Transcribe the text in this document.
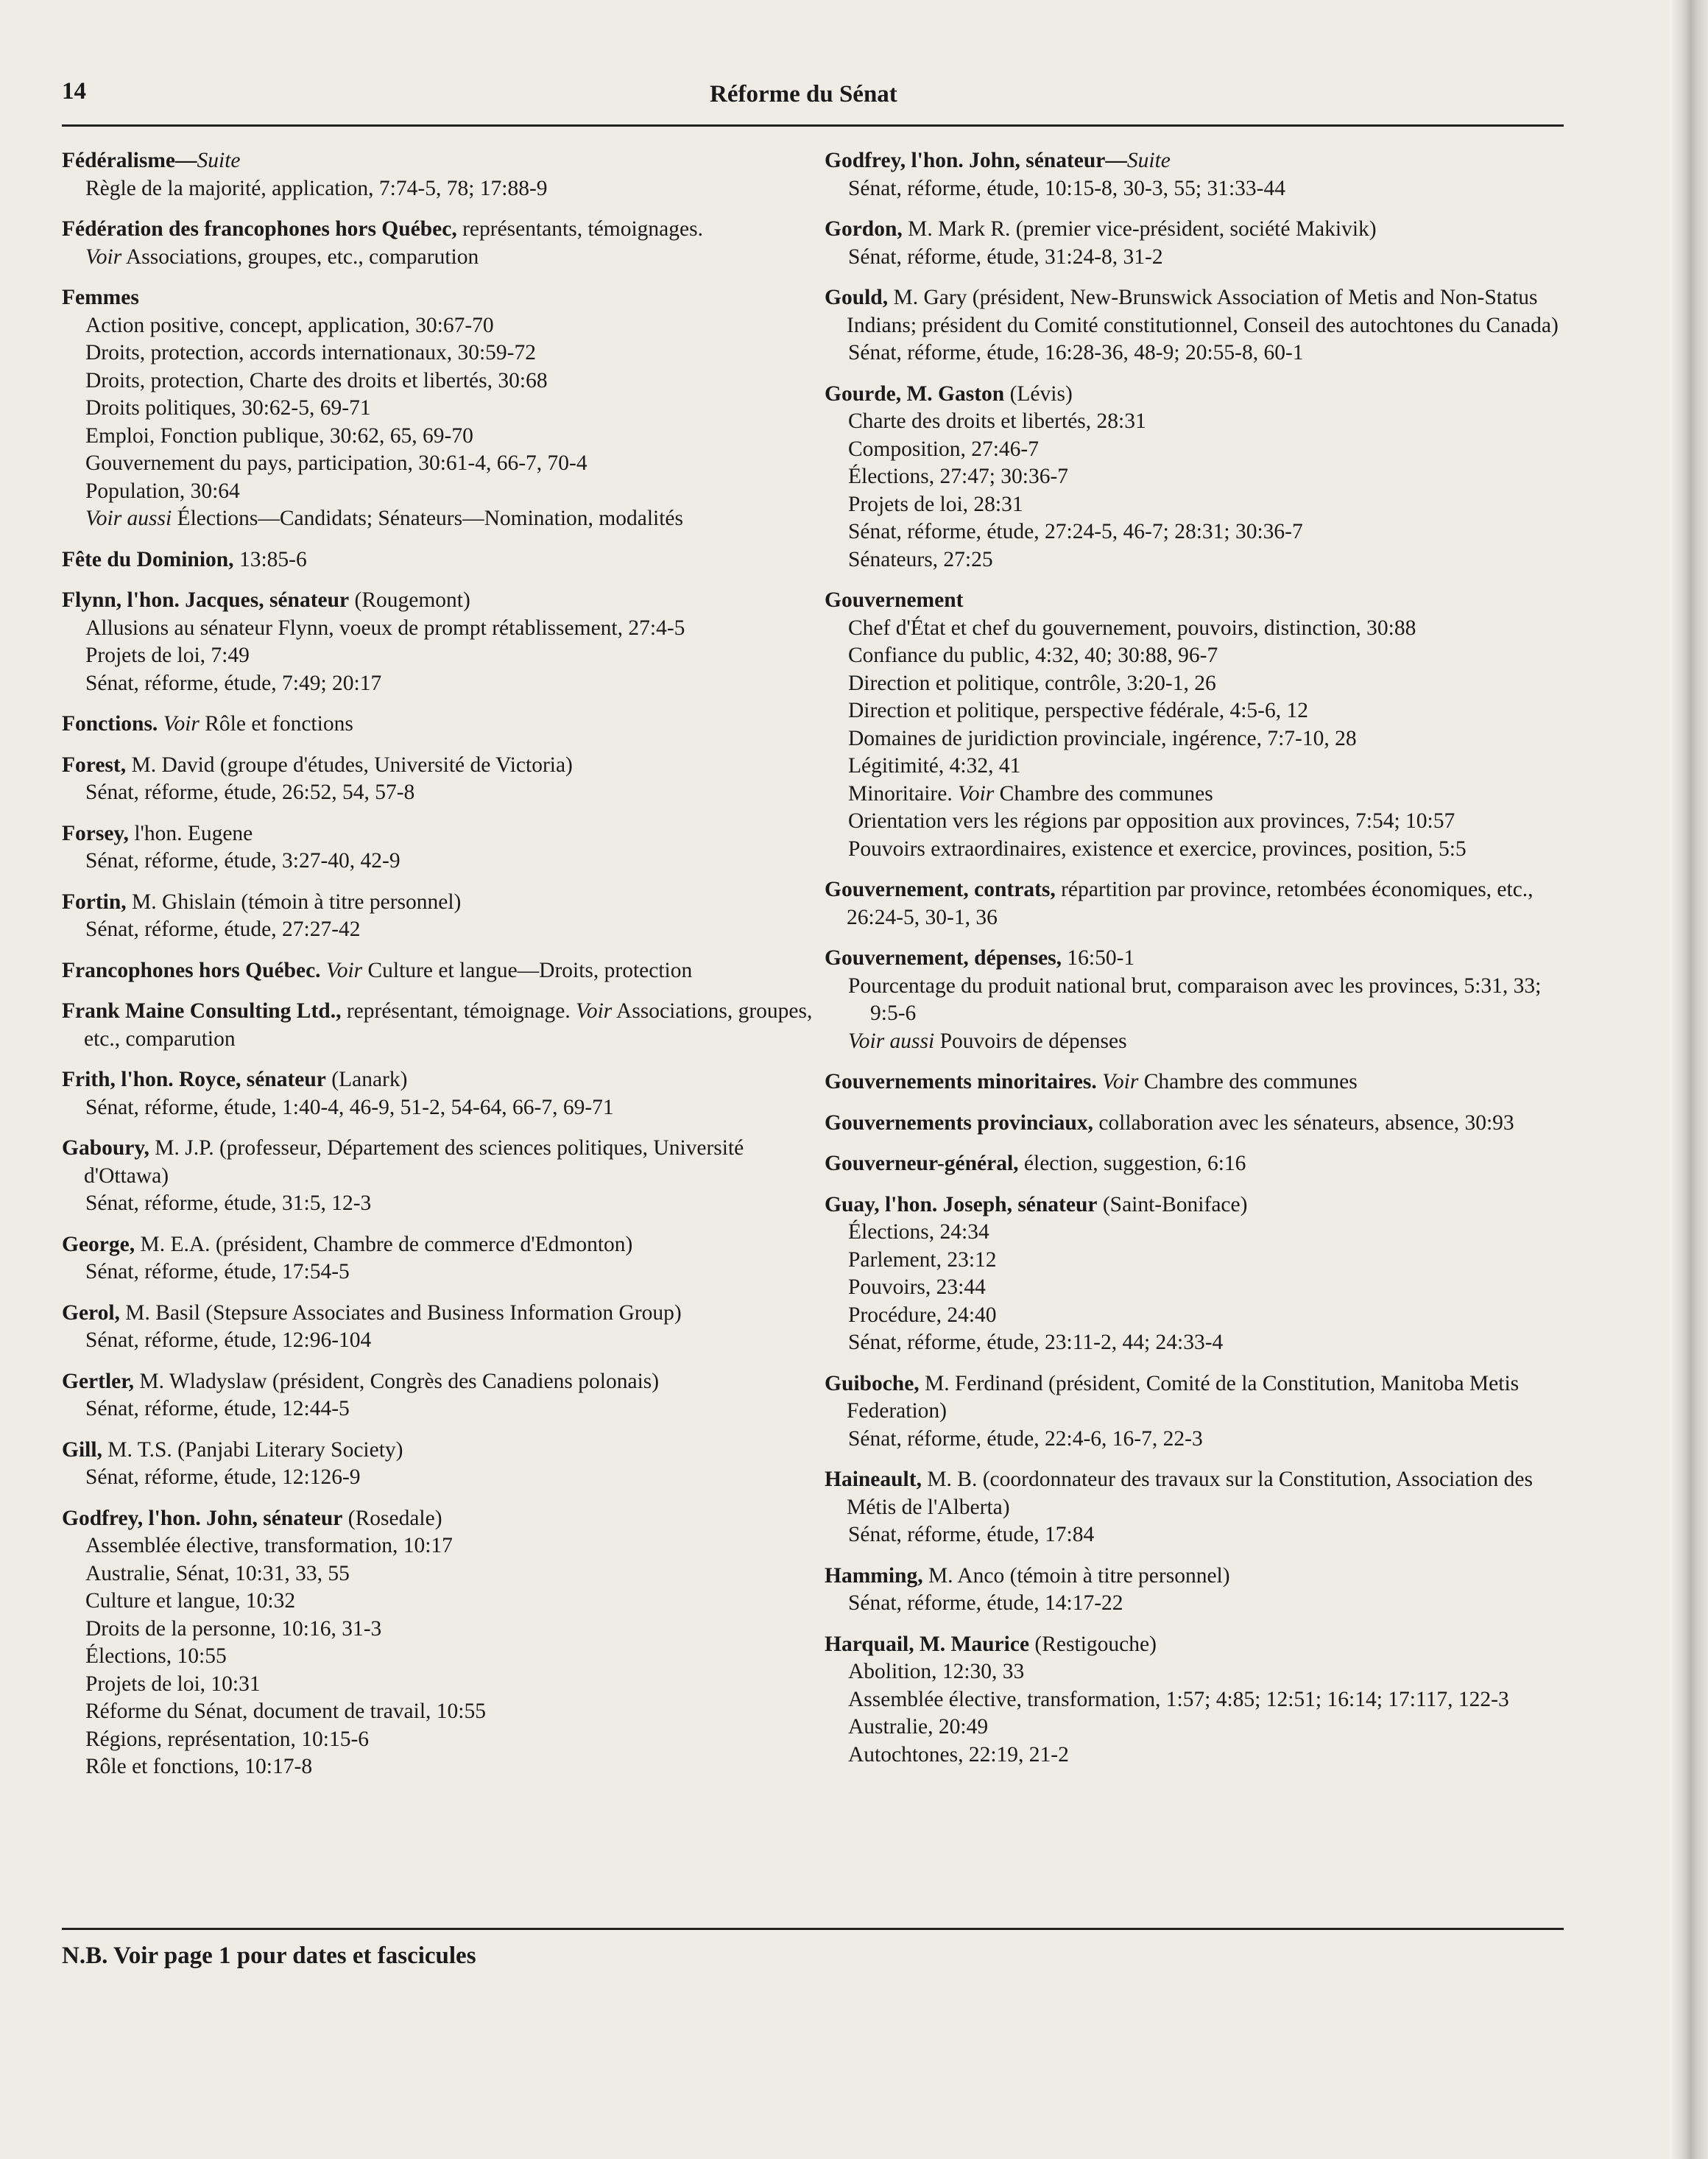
14	Réforme du Sénat
Fédéralisme—Suite
Règle de la majorité, application, 7:74-5, 78; 17:88-9
Fédération des francophones hors Québec, représentants, témoignages.
Voir Associations, groupes, etc., comparution
Femmes
Action positive, concept, application, 30:67-70
Droits, protection, accords internationaux, 30:59-72
Droits, protection, Charte des droits et libertés, 30:68
Droits politiques, 30:62-5, 69-71
Emploi, Fonction publique, 30:62, 65, 69-70
Gouvernement du pays, participation, 30:61-4, 66-7, 70-4
Population, 30:64
Voir aussi Élections—Candidats; Sénateurs—Nomination, modalités
Fête du Dominion, 13:85-6
Flynn, l'hon. Jacques, sénateur (Rougemont)
Allusions au sénateur Flynn, voeux de prompt rétablissement, 27:4-5
Projets de loi, 7:49
Sénat, réforme, étude, 7:49; 20:17
Fonctions. Voir Rôle et fonctions
Forest, M. David (groupe d'études, Université de Victoria)
Sénat, réforme, étude, 26:52, 54, 57-8
Forsey, l'hon. Eugene
Sénat, réforme, étude, 3:27-40, 42-9
Fortin, M. Ghislain (témoin à titre personnel)
Sénat, réforme, étude, 27:27-42
Francophones hors Québec. Voir Culture et langue—Droits, protection
Frank Maine Consulting Ltd., représentant, témoignage. Voir Associations, groupes, etc., comparution
Frith, l'hon. Royce, sénateur (Lanark)
Sénat, réforme, étude, 1:40-4, 46-9, 51-2, 54-64, 66-7, 69-71
Gaboury, M. J.P. (professeur, Département des sciences politiques, Université d'Ottawa)
Sénat, réforme, étude, 31:5, 12-3
George, M. E.A. (président, Chambre de commerce d'Edmonton)
Sénat, réforme, étude, 17:54-5
Gerol, M. Basil (Stepsure Associates and Business Information Group)
Sénat, réforme, étude, 12:96-104
Gertler, M. Wladyslaw (président, Congrès des Canadiens polonais)
Sénat, réforme, étude, 12:44-5
Gill, M. T.S. (Panjabi Literary Society)
Sénat, réforme, étude, 12:126-9
Godfrey, l'hon. John, sénateur (Rosedale)
Assemblée élective, transformation, 10:17
Australie, Sénat, 10:31, 33, 55
Culture et langue, 10:32
Droits de la personne, 10:16, 31-3
Élections, 10:55
Projets de loi, 10:31
Réforme du Sénat, document de travail, 10:55
Régions, représentation, 10:15-6
Rôle et fonctions, 10:17-8
Godfrey, l'hon. John, sénateur—Suite
Sénat, réforme, étude, 10:15-8, 30-3, 55; 31:33-44
Gordon, M. Mark R. (premier vice-président, société Makivik)
Sénat, réforme, étude, 31:24-8, 31-2
Gould, M. Gary (président, New-Brunswick Association of Metis and Non-Status Indians; président du Comité constitutionnel, Conseil des autochtones du Canada)
Sénat, réforme, étude, 16:28-36, 48-9; 20:55-8, 60-1
Gourde, M. Gaston (Lévis)
Charte des droits et libertés, 28:31
Composition, 27:46-7
Élections, 27:47; 30:36-7
Projets de loi, 28:31
Sénat, réforme, étude, 27:24-5, 46-7; 28:31; 30:36-7
Sénateurs, 27:25
Gouvernement
Chef d'État et chef du gouvernement, pouvoirs, distinction, 30:88
Confiance du public, 4:32, 40; 30:88, 96-7
Direction et politique, contrôle, 3:20-1, 26
Direction et politique, perspective fédérale, 4:5-6, 12
Domaines de juridiction provinciale, ingérence, 7:7-10, 28
Légitimité, 4:32, 41
Minoritaire. Voir Chambre des communes
Orientation vers les régions par opposition aux provinces, 7:54; 10:57
Pouvoirs extraordinaires, existence et exercice, provinces, position, 5:5
Gouvernement, contrats, répartition par province, retombées économiques, etc., 26:24-5, 30-1, 36
Gouvernement, dépenses, 16:50-1
Pourcentage du produit national brut, comparaison avec les provinces, 5:31, 33; 9:5-6
Voir aussi Pouvoirs de dépenses
Gouvernements minoritaires. Voir Chambre des communes
Gouvernements provinciaux, collaboration avec les sénateurs, absence, 30:93
Gouverneur-général, élection, suggestion, 6:16
Guay, l'hon. Joseph, sénateur (Saint-Boniface)
Élections, 24:34
Parlement, 23:12
Pouvoirs, 23:44
Procédure, 24:40
Sénat, réforme, étude, 23:11-2, 44; 24:33-4
Guiboche, M. Ferdinand (président, Comité de la Constitution, Manitoba Metis Federation)
Sénat, réforme, étude, 22:4-6, 16-7, 22-3
Haineault, M. B. (coordonnateur des travaux sur la Constitution, Association des Métis de l'Alberta)
Sénat, réforme, étude, 17:84
Hamming, M. Anco (témoin à titre personnel)
Sénat, réforme, étude, 14:17-22
Harquail, M. Maurice (Restigouche)
Abolition, 12:30, 33
Assemblée élective, transformation, 1:57; 4:85; 12:51; 16:14; 17:117, 122-3
Australie, 20:49
Autochtones, 22:19, 21-2
N.B. Voir page 1 pour dates et fascicules
